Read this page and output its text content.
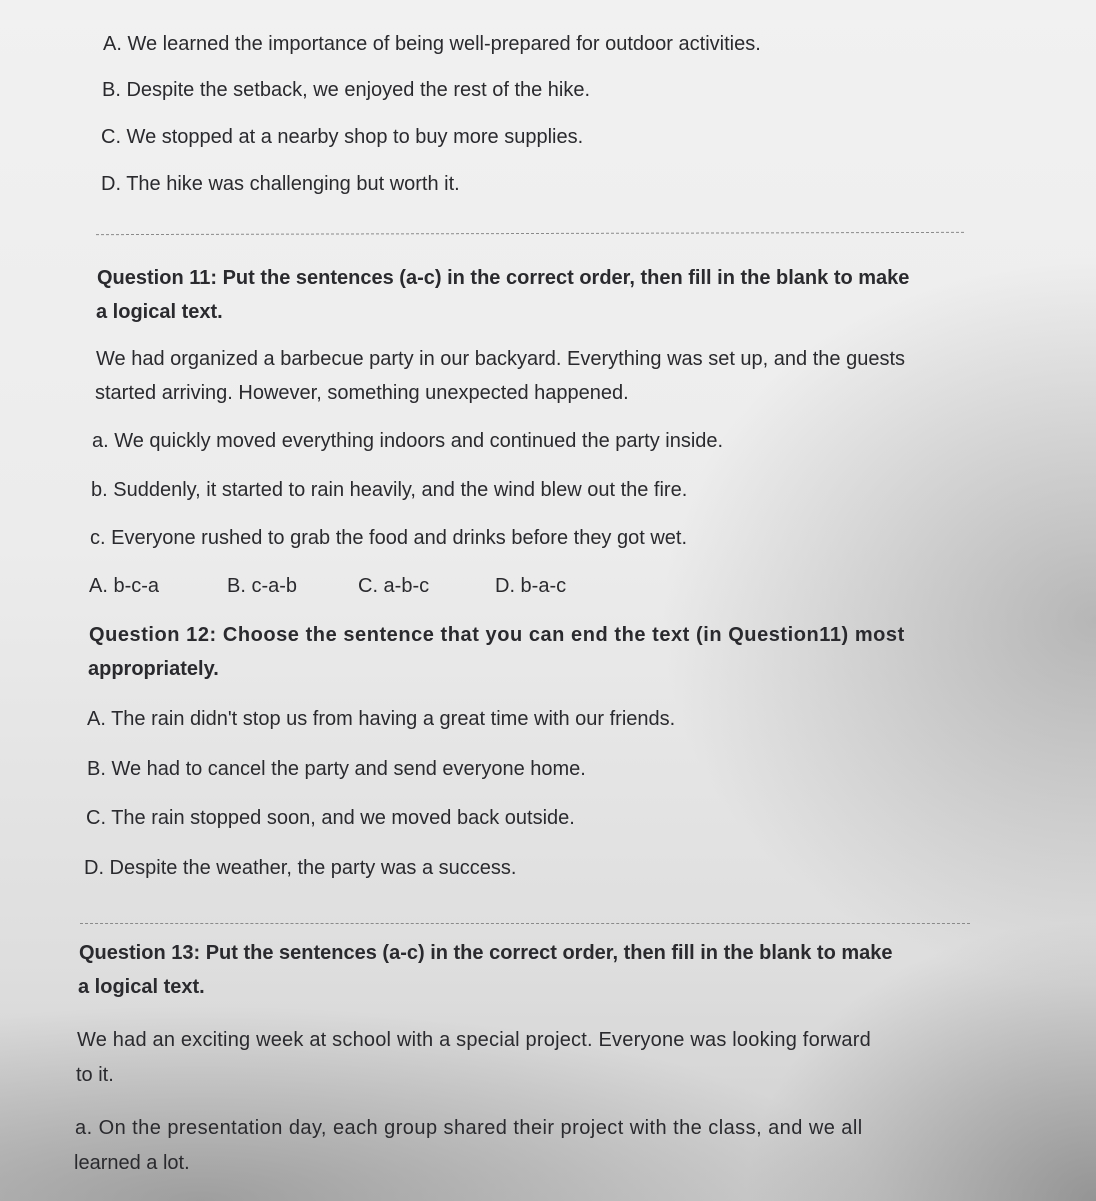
A. We learned the importance of being well-prepared for outdoor activities.
B. Despite the setback, we enjoyed the rest of the hike.
C. We stopped at a nearby shop to buy more supplies.
D. The hike was challenging but worth it.
Question 11: Put the sentences (a-c) in the correct order, then fill in the blank to make
a logical text.
We had organized a barbecue party in our backyard. Everything was set up, and the guests
started arriving. However, something unexpected happened.
a. We quickly moved everything indoors and continued the party inside.
b. Suddenly, it started to rain heavily, and the wind blew out the fire.
c. Everyone rushed to grab the food and drinks before they got wet.
A. b-c-a	B. c-a-b	C. a-b-c	D. b-a-c
Question 12: Choose the sentence that you can end the text (in Question11) most
appropriately.
A. The rain didn't stop us from having a great time with our friends.
B. We had to cancel the party and send everyone home.
C. The rain stopped soon, and we moved back outside.
D. Despite the weather, the party was a success.
Question 13: Put the sentences (a-c) in the correct order, then fill in the blank to make
a logical text.
We had an exciting week at school with a special project. Everyone was looking forward
to it.
a. On the presentation day, each group shared their project with the class, and we all
learned a lot.
